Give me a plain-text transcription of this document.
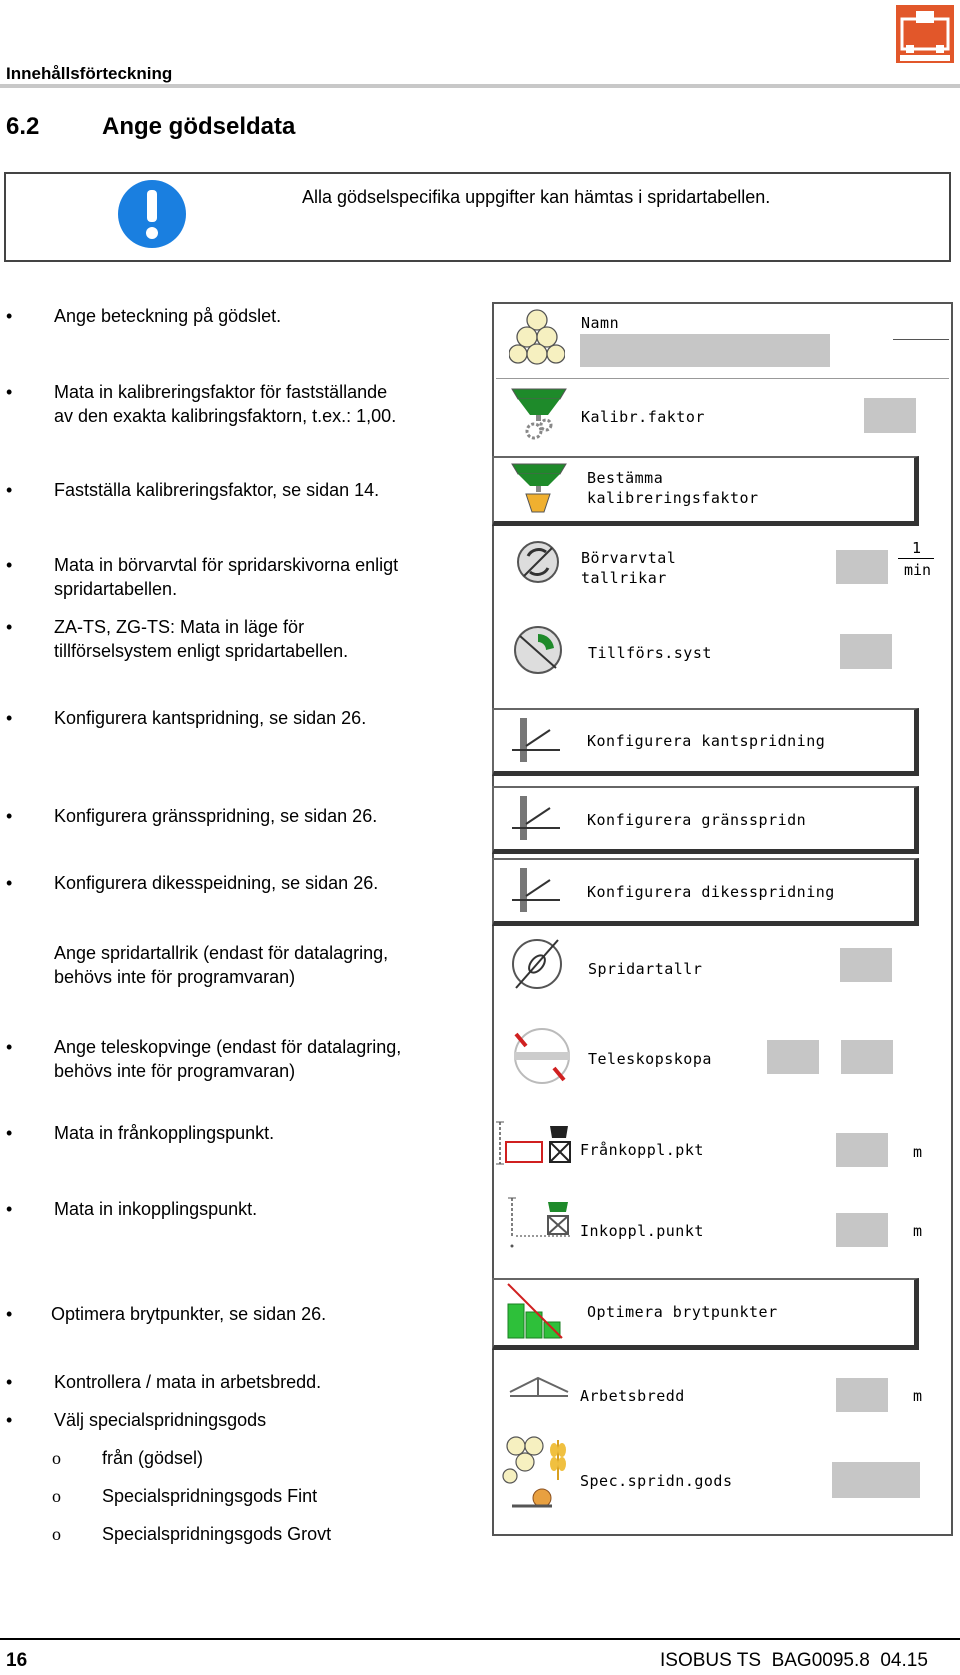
Innehållsförteckning
6.2	Ange gödseldata
Alla gödselspecifika uppgifter kan hämtas i spridartabellen.
• Ange beteckning på gödslet.
• Mata in kalibreringsfaktor för fastställande
av den exakta kalibringsfaktorn, t.ex.: 1,00.
• Fastställa kalibreringsfaktor, se sidan 14.
• Mata in börvarvtal för spridarskivorna enligt
spridartabellen.
• ZA-TS, ZG-TS: Mata in läge för
tillförselsystem enligt spridartabellen.
• Konfigurera kantspridning, se sidan 26.
• Konfigurera gränsspridning, se sidan 26.
• Konfigurera dikesspeidning, se sidan 26.
Ange spridartallrik (endast för datalagring,
behövs inte för programvaran)
• Ange teleskopvinge (endast för datalagring,
behövs inte för programvaran)
• Mata in frånkopplingspunkt.
• Mata in inkopplingspunkt.
• Optimera brytpunkter, se sidan 26.
• Kontrollera / mata in arbetsbredd.
• Välj specialspridningsgods
o från (gödsel)
o Specialspridningsgods Fint
o Specialspridningsgods Grovt
Namn
Kalibr.faktor
Bestämma
kalibreringsfaktor
Börvarvtal
tallrikar
1
min
Tillförs.syst
Konfigurera kantspridning
Konfigurera gränsspridn
Konfigurera dikesspridning
Spridartallr
Teleskopskopa
Frånkoppl.pkt	m
Inkoppl.punkt	m
Optimera brytpunkter
Arbetsbredd	m
Spec.spridn.gods
16	ISOBUS TS  BAG0095.8  04.15
